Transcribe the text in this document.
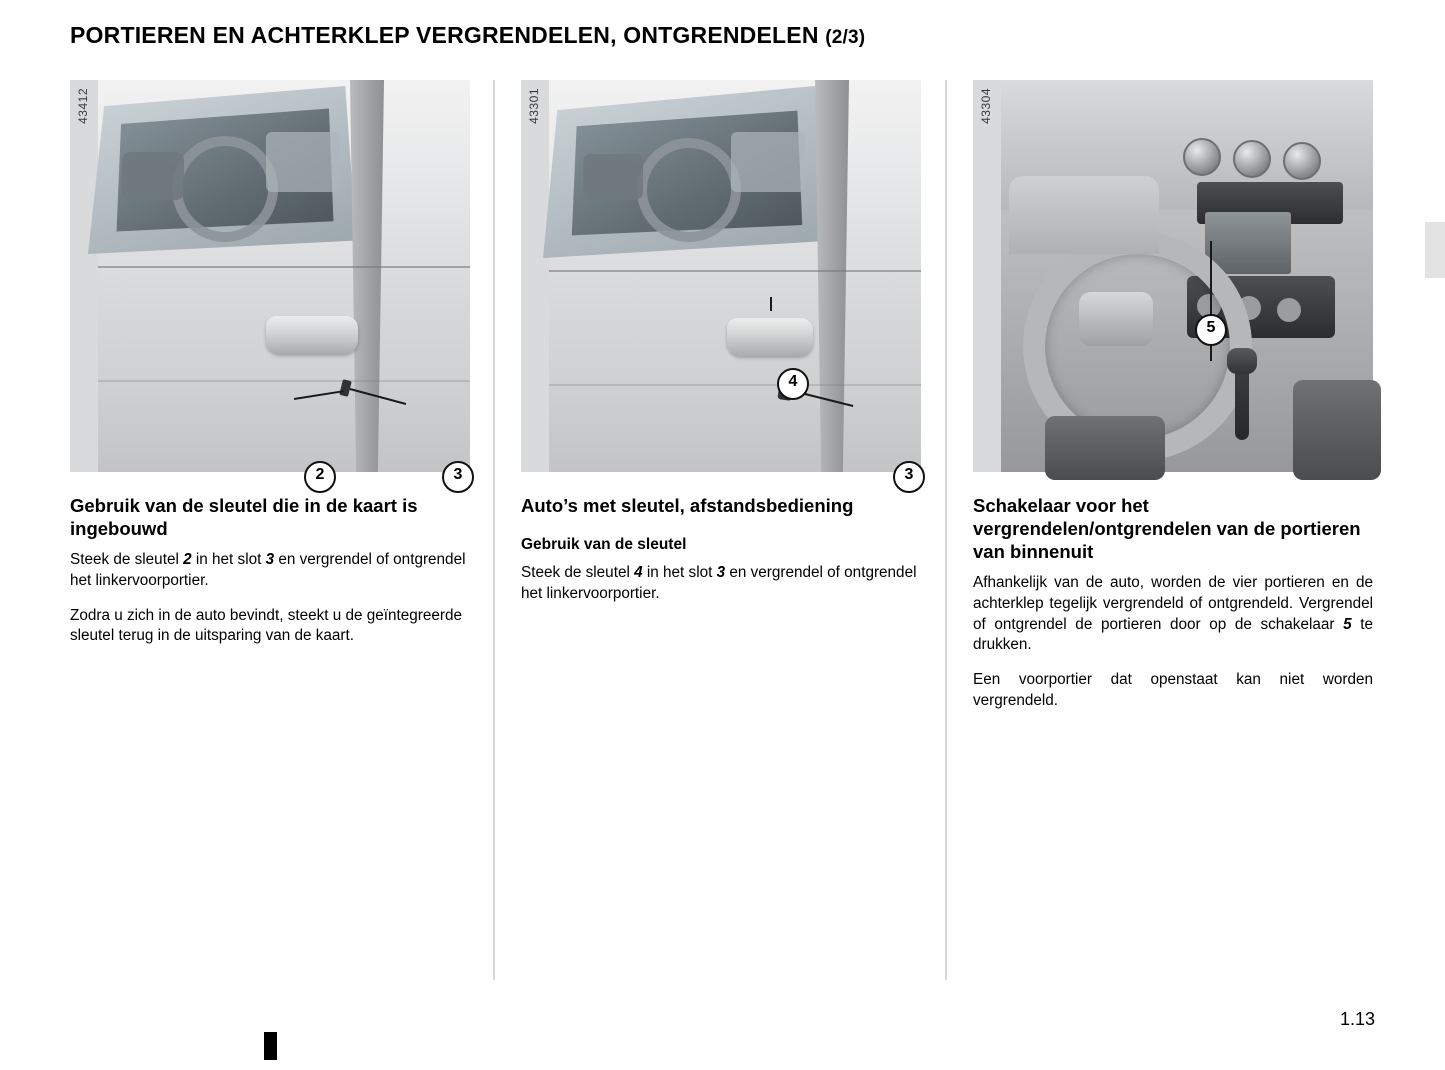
PORTIEREN EN ACHTERKLEP VERGRENDELEN, ONTGRENDELEN (2/3)
43412
2	3
Gebruik van de sleutel die in de kaart is ingebouwd

Steek de sleutel 2 in het slot 3 en vergrendel of ontgrendel het linkervoorportier.

Zodra u zich in de auto bevindt, steekt u de geïntegreerde sleutel terug in de uitsparing van de kaart.

43301
4
3
Auto’s met sleutel, afstandsbediening
Gebruik van de sleutel

Steek de sleutel 4 in het slot 3 en vergrendel of ontgrendel het linkervoorportier.

43304
5
Schakelaar voor het vergrendelen/ontgrendelen van de portieren van binnenuit

Afhankelijk van de auto, worden de vier portieren en de achterklep tegelijk vergrendeld of ontgrendeld. Vergrendel of ontgrendel de portieren door op de schakelaar 5 te drukken.

Een voorportier dat openstaat kan niet worden vergrendeld.

1.13
